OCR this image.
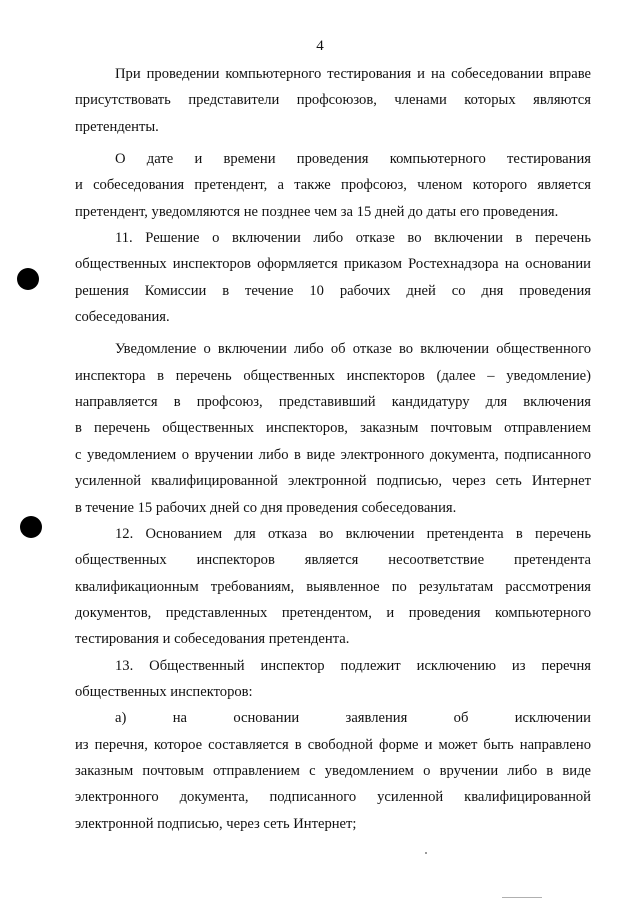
4

При проведении компьютерного тестирования и на собеседовании вправе
присутствовать представители профсоюзов, членами которых являются
претенденты.

О дате и времени проведения компьютерного тестирования
и собеседования претендент, а также профсоюз, членом которого является
претендент, уведомляются не позднее чем за 15 дней до даты его проведения.

11. Решение о включении либо отказе во включении в перечень
общественных инспекторов оформляется приказом Ростехнадзора на основании
решения Комиссии в течение 10 рабочих дней со дня проведения
собеседования.

Уведомление о включении либо об отказе во включении общественного
инспектора в перечень общественных инспекторов (далее – уведомление)
направляется в профсоюз, представивший кандидатуру для включения
в перечень общественных инспекторов, заказным почтовым отправлением
с уведомлением о вручении либо в виде электронного документа, подписанного
усиленной квалифицированной электронной подписью, через сеть Интернет
в течение 15 рабочих дней со дня проведения собеседования.

12. Основанием для отказа во включении претендента в перечень
общественных инспекторов является несоответствие претендента
квалификационным требованиям, выявленное по результатам рассмотрения
документов, представленных претендентом, и проведения компьютерного
тестирования и собеседования претендента.

13. Общественный инспектор подлежит исключению из перечня
общественных инспекторов:

а) на основании заявления об исключении
из перечня, которое составляется в свободной форме и может быть направлено
заказным почтовым отправлением с уведомлением о вручении либо в виде
электронного документа, подписанного усиленной квалифицированной
электронной подписью, через сеть Интернет;
